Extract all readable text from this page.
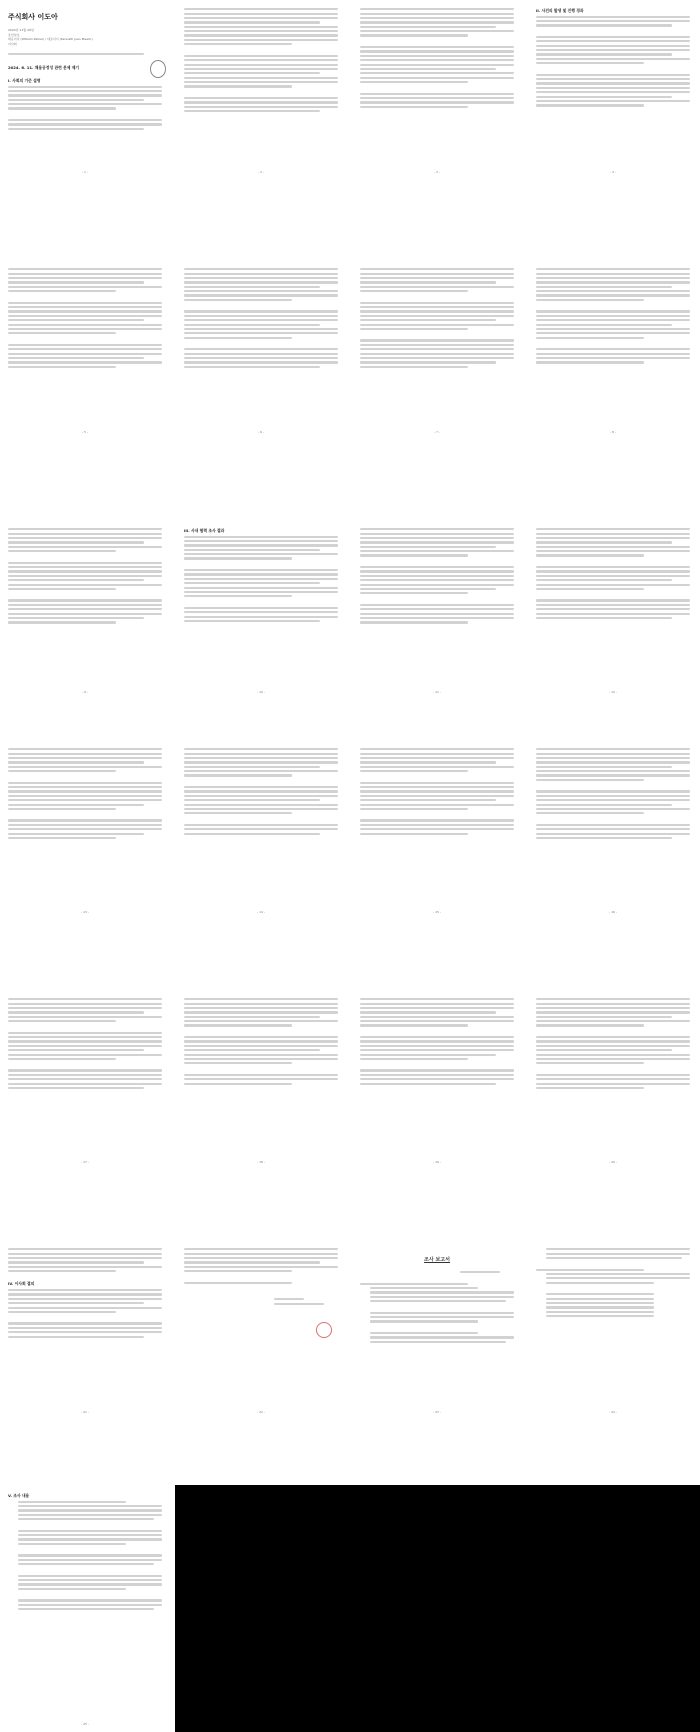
주식회사 이도아
2024년 11월 26일
조선일보
대표이사 (William Parker) / 대표이사 (Kenneth Juan Mealic)
이사회
2024. 6. 11. 채용공정성 관련 문제 제기
I. 사회의 기준 설명
- 1 -	- 2 -	- 3 -
II. 사건의 발생 및 진행 경과
- 4 -
- 5 -	- 6 -	- 7 -	- 8 -
- 9 -
III. 사내 협력 조사 결과
- 10 -	- 11 -	- 12 -
- 13 -	- 14 -	- 15 -	- 16 -
- 17 -	- 18 -	- 19 -	- 20 -
IV. 이사회 결의
- 21 -	- 22 -
조사 보고서
- 23 -	- 24 -
V. 조사 내용
- 25 -
